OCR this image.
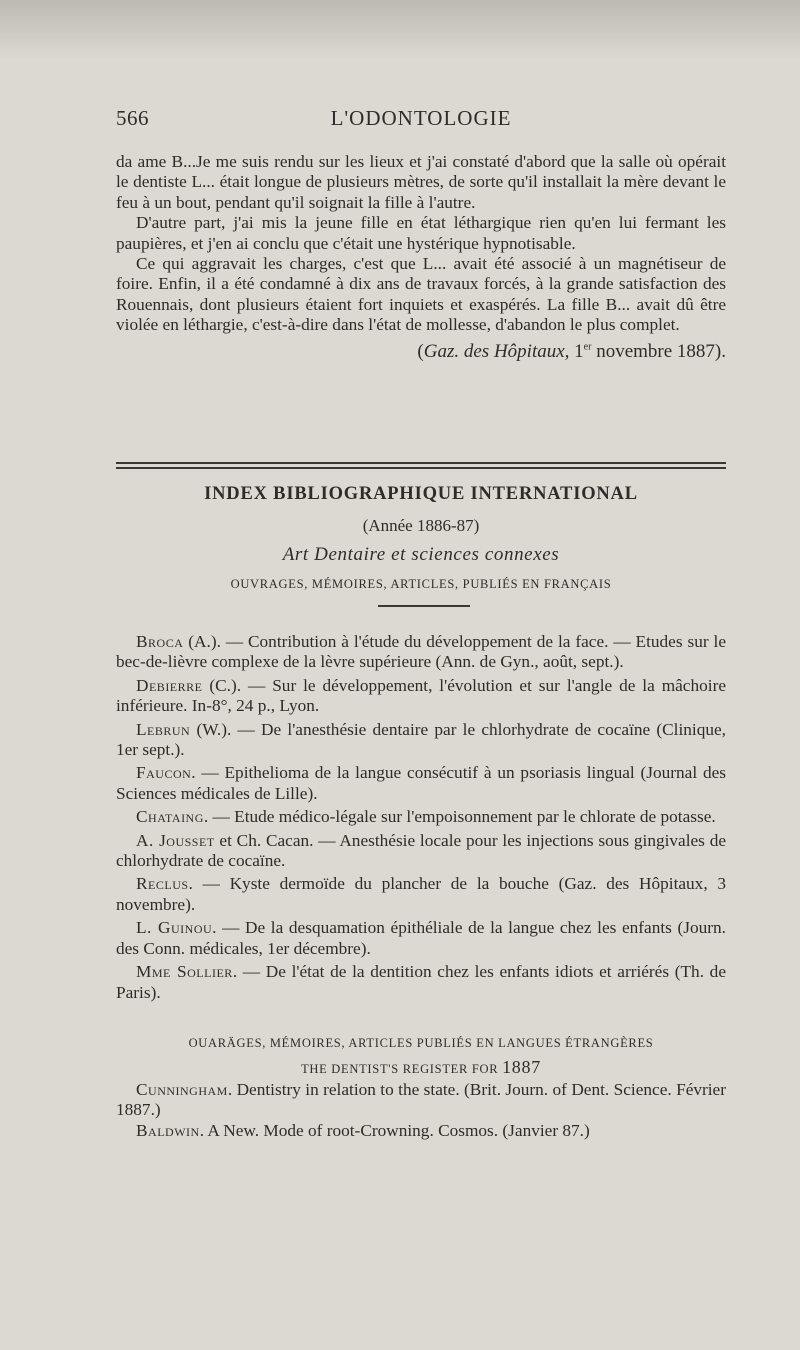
566	L'ODONTOLOGIE

da ame B...Je me suis rendu sur les lieux et j'ai constaté d'abord que la salle où opérait le dentiste L... était longue de plusieurs mètres, de sorte qu'il installait la mère devant le feu à un bout, pendant qu'il soignait la fille à l'autre.

D'autre part, j'ai mis la jeune fille en état léthargique rien qu'en lui fermant les paupières, et j'en ai conclu que c'était une hystérique hypnotisable.

Ce qui aggravait les charges, c'est que L... avait été associé à un magnétiseur de foire. Enfin, il a été condamné à dix ans de travaux forcés, à la grande satisfaction des Rouennais, dont plusieurs étaient fort inquiets et exaspérés. La fille B... avait dû être violée en léthargie, c'est-à-dire dans l'état de mollesse, d'abandon le plus complet.

(Gaz. des Hôpitaux, 1er novembre 1887).

INDEX BIBLIOGRAPHIQUE INTERNATIONAL
(Année 1886-87)
Art Dentaire et sciences connexes
OUVRAGES, MÉMOIRES, ARTICLES, PUBLIÉS EN FRANÇAIS

Broca (A.). — Contribution à l'étude du développement de la face. — Etudes sur le bec-de-lièvre complexe de la lèvre supérieure (Ann. de Gyn., août, sept.).

Debierre (C.). — Sur le développement, l'évolution et sur l'angle de la mâchoire inférieure. In-8°, 24 p., Lyon.

Lebrun (W.). — De l'anesthésie dentaire par le chlorhydrate de cocaïne (Clinique, 1er sept.).

Faucon. — Epithelioma de la langue consécutif à un psoriasis lingual (Journal des Sciences médicales de Lille).

Chataing. — Etude médico-légale sur l'empoisonnement par le chlorate de potasse.

A. Jousset et Ch. Cacan. — Anesthésie locale pour les injections sous gingivales de chlorhydrate de cocaïne.

Reclus. — Kyste dermoïde du plancher de la bouche (Gaz. des Hôpitaux, 3 novembre).

L. Guinou. — De la desquamation épithéliale de la langue chez les enfants (Journ. des Conn. médicales, 1er décembre).

Mme Sollier. — De l'état de la dentition chez les enfants idiots et arriérés (Th. de Paris).

OUARÄGES, MÉMOIRES, ARTICLES PUBLIÉS EN LANGUES ÉTRANGÈRES
THE DENTIST'S REGISTER FOR 1887

Cunningham. Dentistry in relation to the state. (Brit. Journ. of Dent. Science. Février 1887.)

Baldwin. A New. Mode of root-Crowning. Cosmos. (Janvier 87.)
